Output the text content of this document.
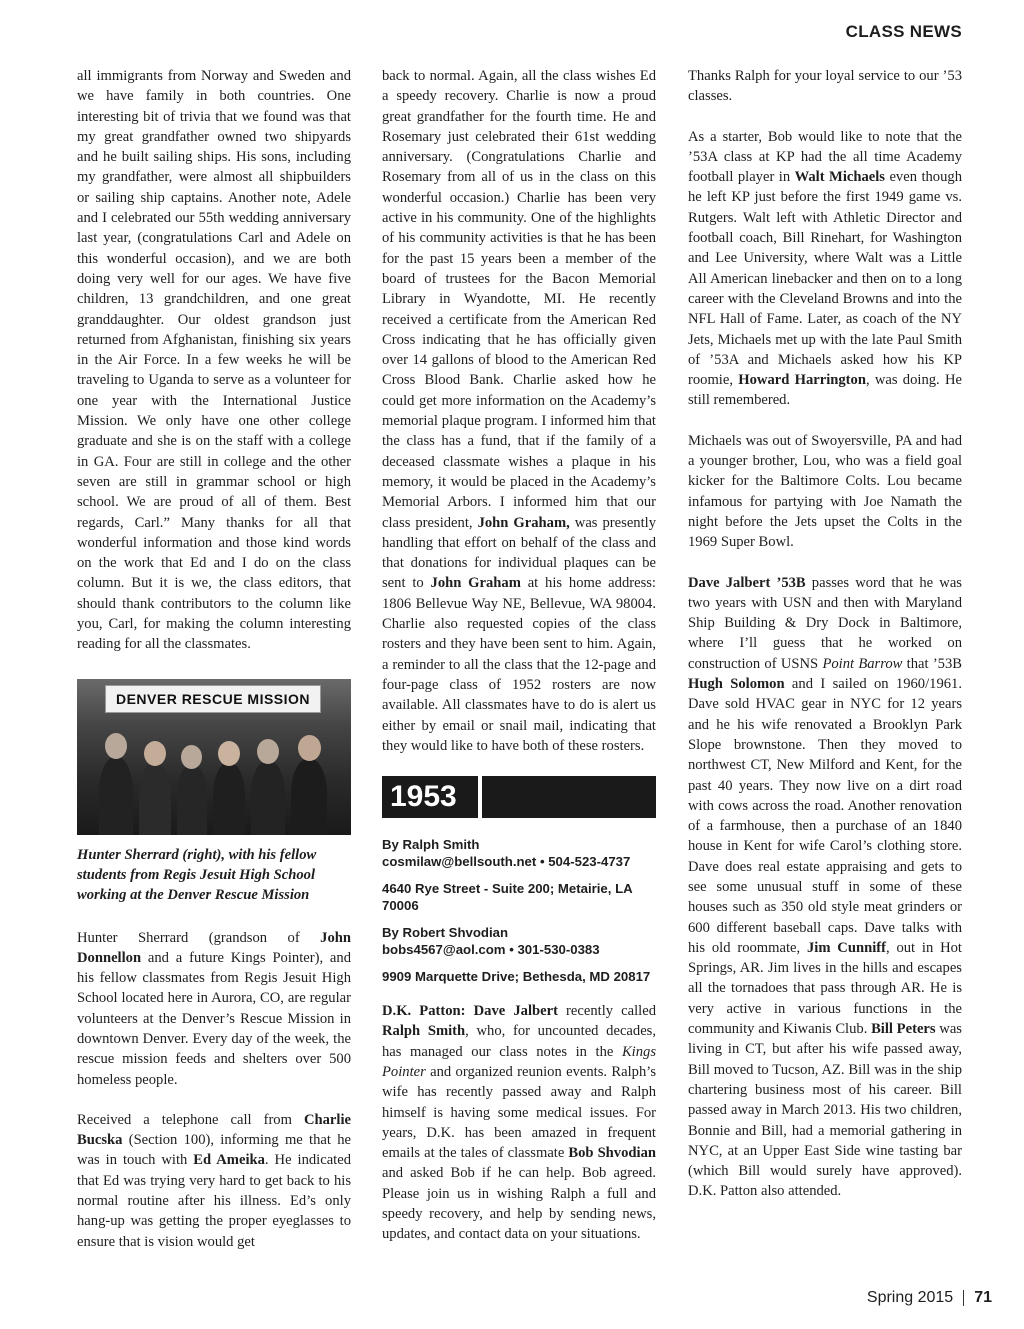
CLASS NEWS

all immigrants from Norway and Sweden and we have family in both countries. One interesting bit of trivia that we found was that my great grandfather owned two shipyards and he built sailing ships. His sons, including my grandfather, were almost all shipbuilders or sailing ship captains. Another note, Adele and I celebrated our 55th wedding anniversary last year, (congratulations Carl and Adele on this wonderful occasion), and we are both doing very well for our ages. We have five children, 13 grandchildren, and one great granddaughter. Our oldest grandson just returned from Afghanistan, finishing six years in the Air Force. In a few weeks he will be traveling to Uganda to serve as a volunteer for one year with the International Justice Mission. We only have one other college graduate and she is on the staff with a college in GA. Four are still in college and the other seven are still in grammar school or high school. We are proud of all of them. Best regards, Carl.” Many thanks for all that wonderful information and those kind words on the work that Ed and I do on the class column. But it is we, the class editors, that should thank contributors to the column like you, Carl, for making the column interesting reading for all the classmates.

DENVER RESCUE MISSION
Hunter Sherrard (right), with his fellow students from Regis Jesuit High School working at the Denver Rescue Mission

Hunter Sherrard (grandson of John Donnellon and a future Kings Pointer), and his fellow classmates from Regis Jesuit High School located here in Aurora, CO, are regular volunteers at the Denver’s Rescue Mission in downtown Denver. Every day of the week, the rescue mission feeds and shelters over 500 homeless people.

Received a telephone call from Charlie Bucska (Section 100), informing me that he was in touch with Ed Ameika. He indicated that Ed was trying very hard to get back to his normal routine after his illness. Ed’s only hang-up was getting the proper eyeglasses to ensure that is vision would get

back to normal. Again, all the class wishes Ed a speedy recovery. Charlie is now a proud great grandfather for the fourth time. He and Rosemary just celebrated their 61st wedding anniversary. (Congratulations Charlie and Rosemary from all of us in the class on this wonderful occasion.) Charlie has been very active in his community. One of the highlights of his community activities is that he has been for the past 15 years been a member of the board of trustees for the Bacon Memorial Library in Wyandotte, MI. He recently received a certificate from the American Red Cross indicating that he has officially given over 14 gallons of blood to the American Red Cross Blood Bank. Charlie asked how he could get more information on the Academy’s memorial plaque program. I informed him that the class has a fund, that if the family of a deceased classmate wishes a plaque in his memory, it would be placed in the Academy’s Memorial Arbors. I informed him that our class president, John Graham, was presently handling that effort on behalf of the class and that donations for individual plaques can be sent to John Graham at his home address: 1806 Bellevue Way NE, Bellevue, WA 98004. Charlie also requested copies of the class rosters and they have been sent to him. Again, a reminder to all the class that the 12-page and four-page class of 1952 rosters are now available. All classmates have to do is alert us either by email or snail mail, indicating that they would like to have both of these rosters.

1953
By Ralph Smith
cosmilaw@bellsouth.net • 504-523-4737
4640 Rye Street - Suite 200; Metairie, LA 70006
By Robert Shvodian
bobs4567@aol.com • 301-530-0383
9909 Marquette Drive; Bethesda, MD 20817

D.K. Patton: Dave Jalbert recently called Ralph Smith, who, for uncounted decades, has managed our class notes in the Kings Pointer and organized reunion events. Ralph’s wife has recently passed away and Ralph himself is having some medical issues. For years, D.K. has been amazed in frequent emails at the tales of classmate Bob Shvodian and asked Bob if he can help. Bob agreed. Please join us in wishing Ralph a full and speedy recovery, and help by sending news, updates, and contact data on your situations.

Thanks Ralph for your loyal service to our ’53 classes.

As a starter, Bob would like to note that the ’53A class at KP had the all time Academy football player in Walt Michaels even though he left KP just before the first 1949 game vs. Rutgers. Walt left with Athletic Director and football coach, Bill Rinehart, for Washington and Lee University, where Walt was a Little All American linebacker and then on to a long career with the Cleveland Browns and into the NFL Hall of Fame. Later, as coach of the NY Jets, Michaels met up with the late Paul Smith of ’53A and Michaels asked how his KP roomie, Howard Harrington, was doing. He still remembered.

Michaels was out of Swoyersville, PA and had a younger brother, Lou, who was a field goal kicker for the Baltimore Colts. Lou became infamous for partying with Joe Namath the night before the Jets upset the Colts in the 1969 Super Bowl.

Dave Jalbert ’53B passes word that he was two years with USN and then with Maryland Ship Building & Dry Dock in Baltimore, where I’ll guess that he worked on construction of USNS Point Barrow that ’53B Hugh Solomon and I sailed on 1960/1961. Dave sold HVAC gear in NYC for 12 years and he his wife renovated a Brooklyn Park Slope brownstone. Then they moved to northwest CT, New Milford and Kent, for the past 40 years. They now live on a dirt road with cows across the road. Another renovation of a farmhouse, then a purchase of an 1840 house in Kent for wife Carol’s clothing store. Dave does real estate appraising and gets to see some unusual stuff in some of these houses such as 350 old style meat grinders or 600 different baseball caps. Dave talks with his old roommate, Jim Cunniff, out in Hot Springs, AR. Jim lives in the hills and escapes all the tornadoes that pass through AR. He is very active in various functions in the community and Kiwanis Club. Bill Peters was living in CT, but after his wife passed away, Bill moved to Tucson, AZ. Bill was in the ship chartering business most of his career. Bill passed away in March 2013. His two children, Bonnie and Bill, had a memorial gathering in NYC, at an Upper East Side wine tasting bar (which Bill would surely have approved). D.K. Patton also attended.

Spring 2015 71
